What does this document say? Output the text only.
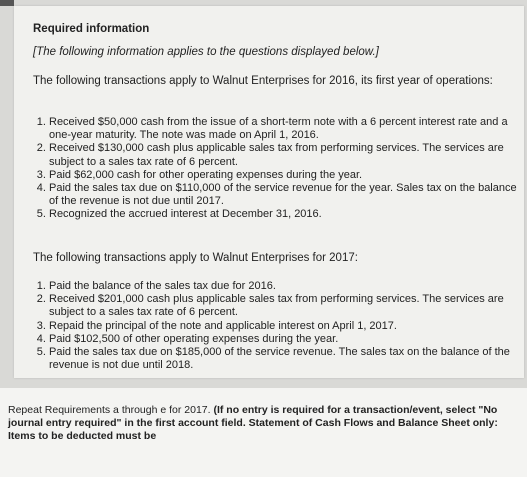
Required information
[The following information applies to the questions displayed below.]
The following transactions apply to Walnut Enterprises for 2016, its first year of operations:
1. Received $50,000 cash from the issue of a short-term note with a 6 percent interest rate and a one-year maturity. The note was made on April 1, 2016.
2. Received $130,000 cash plus applicable sales tax from performing services. The services are subject to a sales tax rate of 6 percent.
3. Paid $62,000 cash for other operating expenses during the year.
4. Paid the sales tax due on $110,000 of the service revenue for the year. Sales tax on the balance of the revenue is not due until 2017.
5. Recognized the accrued interest at December 31, 2016.
The following transactions apply to Walnut Enterprises for 2017:
1. Paid the balance of the sales tax due for 2016.
2. Received $201,000 cash plus applicable sales tax from performing services. The services are subject to a sales tax rate of 6 percent.
3. Repaid the principal of the note and applicable interest on April 1, 2017.
4. Paid $102,500 of other operating expenses during the year.
5. Paid the sales tax due on $185,000 of the service revenue. The sales tax on the balance of the revenue is not due until 2018.
Repeat Requirements a through e for 2017. (If no entry is required for a transaction/event, select "No journal entry required" in the first account field. Statement of Cash Flows and Balance Sheet only: Items to be deducted must be
